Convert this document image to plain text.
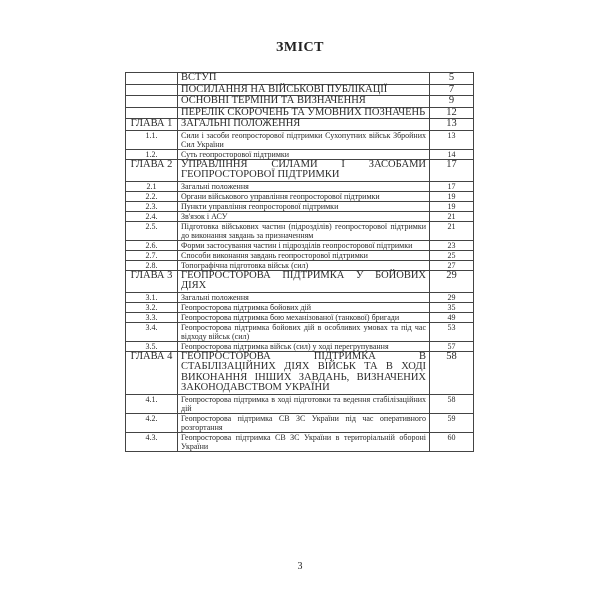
ЗМІСТ
	ВСТУП	5
	ПОСИЛАННЯ НА ВІЙСЬКОВІ ПУБЛІКАЦІЇ	7
	ОСНОВНІ ТЕРМІНИ ТА ВИЗНАЧЕННЯ	9
	ПЕРЕЛІК СКОРОЧЕНЬ ТА УМОВНИХ ПОЗНАЧЕНЬ	12
ГЛАВА 1	ЗАГАЛЬНІ ПОЛОЖЕННЯ	13
1.1.	Сили і засоби геопросторової підтримки Сухопутних військ Збройних Сил України	13
1.2.	Суть геопросторової підтримки	14
ГЛАВА 2	УПРАВЛІННЯ СИЛАМИ І ЗАСОБАМИ ГЕОПРОСТОРОВОЇ ПІДТРИМКИ	17
2.1	Загальні положення	17
2.2.	Органи військового управління геопросторової підтримки	19
2.3.	Пункти управління геопросторової підтримки	19
2.4.	Зв'язок і АСУ	21
2.5.	Підготовка військових частин (підрозділів) геопросторової підтримки до виконання завдань за призначенням	21
2.6.	Форми застосування частин і підрозділів геопросторової підтримки	23
2.7.	Способи виконання завдань геопросторової підтримки	25
2.8.	Топографічна підготовка військ (сил)	27
ГЛАВА 3	ГЕОПРОСТОРОВА ПІДТРИМКА У БОЙОВИХ ДІЯХ	29
3.1.	Загальні положення	29
3.2.	Геопросторова підтримка бойових дій	35
3.3.	Геопросторова підтримка бою механізованої (танкової) бригади	49
3.4.	Геопросторова підтримка бойових дій в особливих умовах та під час відходу військ (сил)	53
3.5.	Геопросторова підтримка військ (сил) у ході перегрупування	57
ГЛАВА 4	ГЕОПРОСТОРОВА ПІДТРИМКА В СТАБІЛІЗАЦІЙНИХ ДІЯХ ВІЙСЬК ТА В ХОДІ ВИКОНАННЯ ІНШИХ ЗАВДАНЬ, ВИЗНАЧЕНИХ ЗАКОНОДАВСТВОМ УКРАЇНИ	58
4.1.	Геопросторова підтримка в ході підготовки та ведення стабілізаційних дій	58
4.2.	Геопросторова підтримка СВ ЗС України під час оперативного розгортання	59
4.3.	Геопросторова підтримка СВ ЗС України в територіальній обороні України	60
3
